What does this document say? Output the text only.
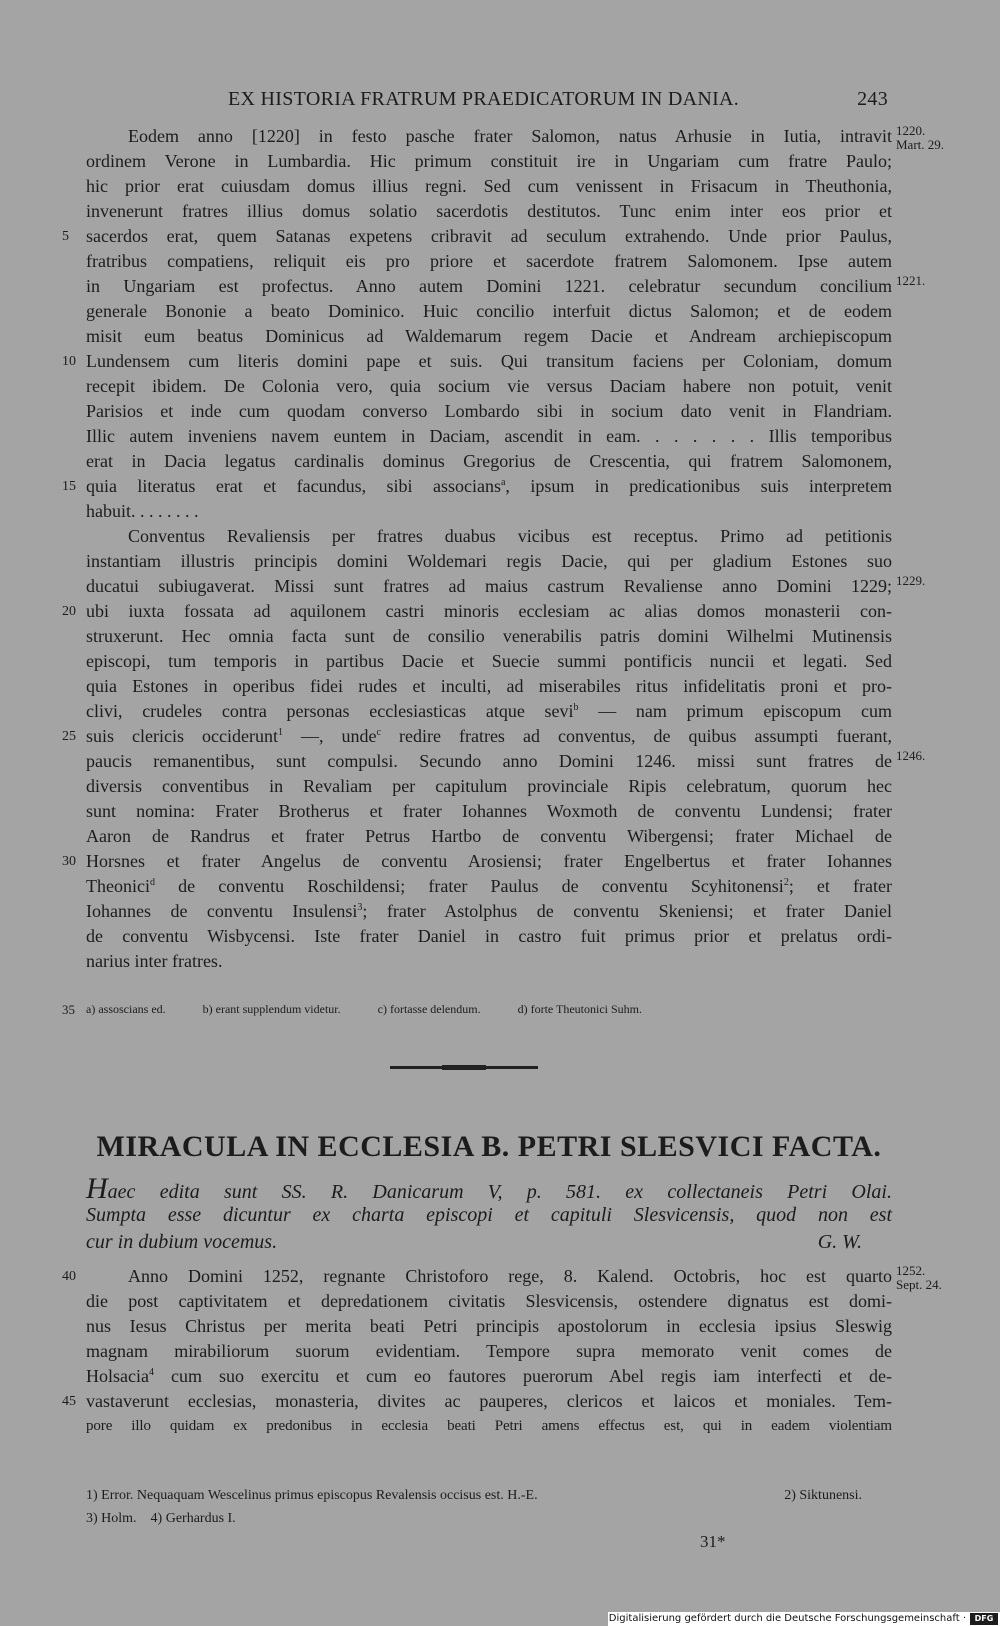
EX HISTORIA FRATRUM PRAEDICATORUM IN DANIA.	243
Eodem anno [1220] in festo pasche frater Salomon, natus Arhusie in Iutia, intravit 1220.
Mart. 29.
ordinem Verone in Lumbardia. Hic primum constituit ire in Ungariam cum fratre Paulo;
hic prior erat cuiusdam domus illius regni. Sed cum venissent in Frisacum in Theuthonia,
invenerunt fratres illius domus solatio sacerdotis destitutos. Tunc enim inter eos prior et
sacerdos erat, quem Satanas expetens cribravit ad seculum extrahendo. Unde prior Paulus,
5
fratribus compatiens, reliquit eis pro priore et sacerdote fratrem Salomonem. Ipse autem
in Ungariam est profectus. Anno autem Domini 1221. celebratur secundum concilium 1221.
generale Bononie a beato Dominico. Huic concilio interfuit dictus Salomon; et de eodem
misit eum beatus Dominicus ad Waldemarum regem Dacie et Andream archiepiscopum
Lundensem cum literis domini pape et suis. Qui transitum faciens per Coloniam, domum
10
recepit ibidem. De Colonia vero, quia socium vie versus Daciam habere non potuit, venit
Parisios et inde cum quodam converso Lombardo sibi in socium dato venit in Flandriam.
Illic autem inveniens navem euntem in Daciam, ascendit in eam. . . . . . . Illis temporibus
erat in Dacia legatus cardinalis dominus Gregorius de Crescentia, qui fratrem Salomonem,
quia literatus erat et facundus, sibi associans$^a$, ipsum in predicationibus suis interpretem
15
habuit. . . . . . . .
Conventus Revaliensis per fratres duabus vicibus est receptus. Primo ad petitionis
instantiam illustris principis domini Woldemari regis Dacie, qui per gladium Estones suo
ducatui subiugaverat. Missi sunt fratres ad maius castrum Revaliense anno Domini 1229; 1229.
ubi iuxta fossata ad aquilonem castri minoris ecclesiam ac alias domos monasterii con-
20
struxerunt. Hec omnia facta sunt de consilio venerabilis patris domini Wilhelmi Mutinensis
episcopi, tum temporis in partibus Dacie et Suecie summi pontificis nuncii et legati. Sed
quia Estones in operibus fidei rudes et inculti, ad miserabiles ritus infidelitatis proni et pro-
clivi, crudeles contra personas ecclesiasticas atque sevi$^b$ — nam primum episcopum cum
suis clericis occiderunt$^1$ —, unde$^c$ redire fratres ad conventus, de quibus assumpti fuerant,
25
paucis remanentibus, sunt compulsi. Secundo anno Domini 1246. missi sunt fratres de 1246.
diversis conventibus in Revaliam per capitulum provinciale Ripis celebratum, quorum hec
sunt nomina: Frater Brotherus et frater Iohannes Woxmoth de conventu Lundensi; frater
Aaron de Randrus et frater Petrus Hartbo de conventu Wibergensi; frater Michael de
Horsnes et frater Angelus de conventu Arosiensi; frater Engelbertus et frater Iohannes
30
Theonici$^d$ de conventu Roschildensi; frater Paulus de conventu Scyhitonensi$^2$; et frater
Iohannes de conventu Insulensi$^3$; frater Astolphus de conventu Skeniensi; et frater Daniel
de conventu Wisbycensi. Iste frater Daniel in castro fuit primus prior et prelatus ordi-
narius inter fratres.
35 a) assoscians ed.	b) erant supplendum videtur.	c) fortasse delendum.	d) forte Theutonici Suhm.
MIRACULA IN ECCLESIA B. PETRI SLESVICI FACTA.
Haec edita sunt SS. R. Danicarum V, p. 581. ex collectaneis Petri Olai.
Sumpta esse dicuntur ex charta episcopi et capituli Slesvicensis, quod non est
cur in dubium vocemus.	G. W.
Anno Domini 1252, regnante Christoforo rege, 8. Kalend. Octobris, hoc est quarto
40	1252.
Sept. 24.
die post captivitatem et depredationem civitatis Slesvicensis, ostendere dignatus est domi-
nus Iesus Christus per merita beati Petri principis apostolorum in ecclesia ipsius Sleswig
magnam mirabiliorum suorum evidentiam. Tempore supra memorato venit comes de
Holsacia$^4$ cum suo exercitu et cum eo fautores puerorum Abel regis iam interfecti et de-
vastaverunt ecclesias, monasteria, divites ac pauperes, clericos et laicos et moniales. Tem-
45
pore illo quidam ex predonibus in ecclesia beati Petri amens effectus est, qui in eadem violentiam
1) Error. Nequaquam Wescelinus primus episcopus Revalensis occisus est. H.-E.	2) Siktunensi.
3) Holm.    4) Gerhardus I.
31*
Digitalisierung gefördert durch die Deutsche Forschungsgemeinschaft ·	DFG
